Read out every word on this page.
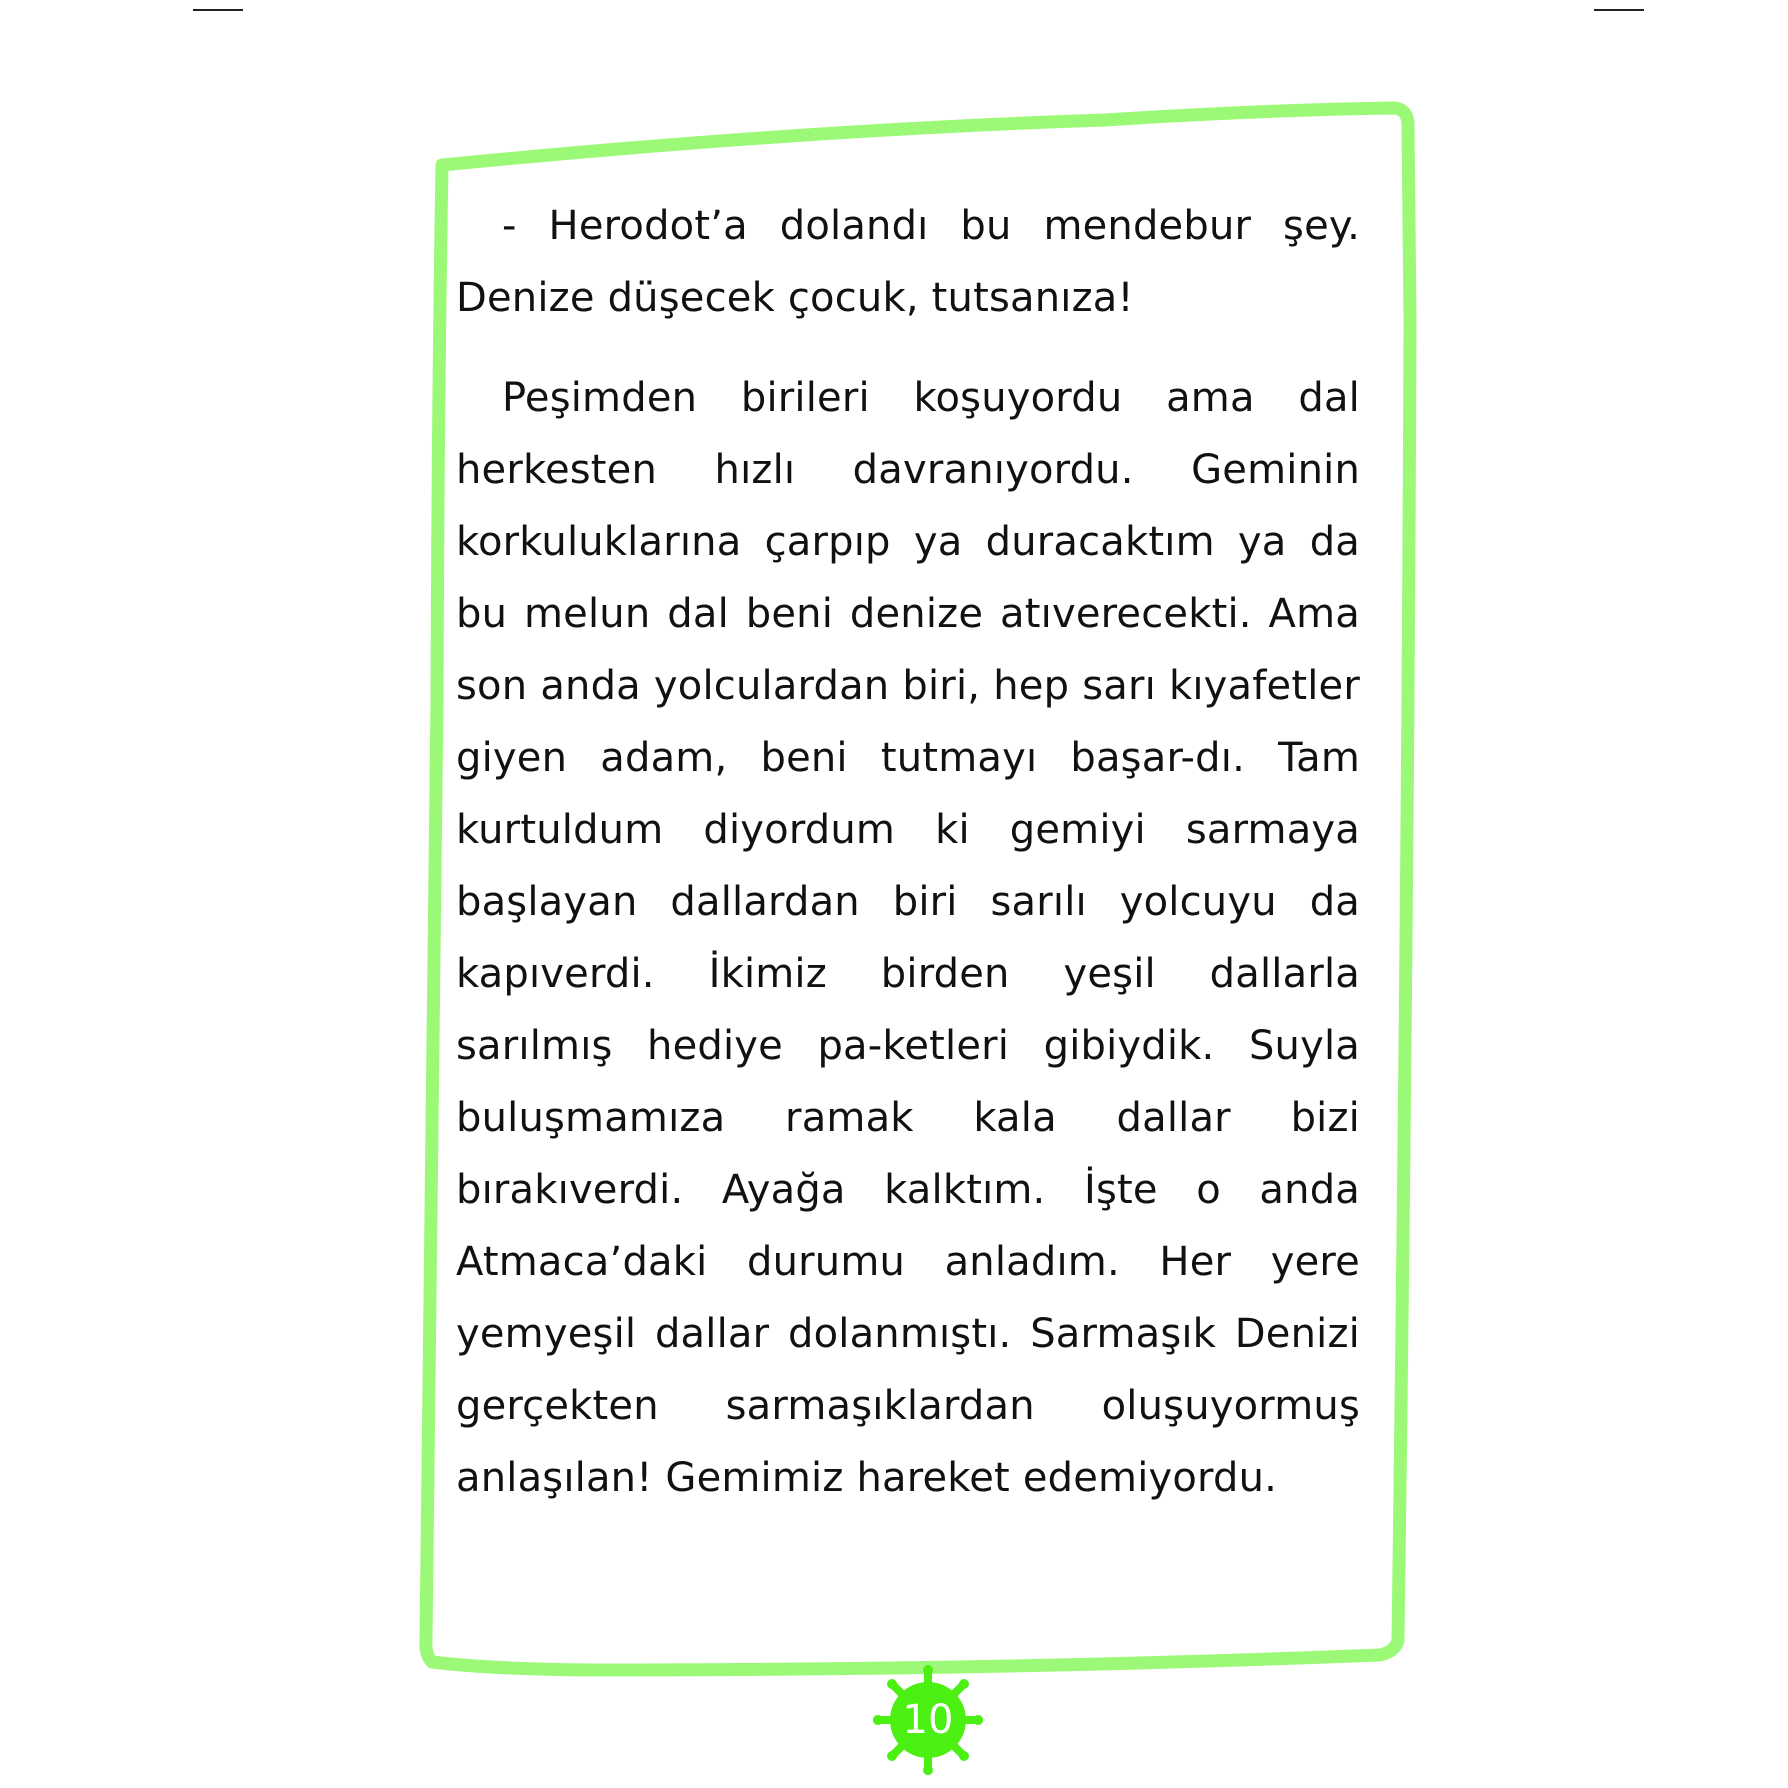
- Herodot’a dolandı bu mendebur şey. Denize düşecek çocuk, tutsanıza!

Peşimden birileri koşuyordu ama dal herkesten hızlı davranıyordu. Geminin korkuluklarına çarpıp ya duracaktım ya da bu melun dal beni denize atıverecekti. Ama son anda yolculardan biri, hep sarı kıyafetler giyen adam, beni tutmayı başar-dı. Tam kurtuldum diyordum ki gemiyi sarmaya başlayan dallardan biri sarılı yolcuyu da kapıverdi. İkimiz birden yeşil dallarla sarılmış hediye pa-ketleri gibiydik. Suyla buluşmamıza ramak kala dallar bizi bırakıverdi. Ayağa kalktım. İşte o anda Atmaca’daki durumu anladım. Her yere yemyeşil dallar dolanmıştı. Sarmaşık Denizi gerçekten sarmaşıklardan oluşuyormuş anlaşılan! Gemimiz hareket edemiyordu.

10
